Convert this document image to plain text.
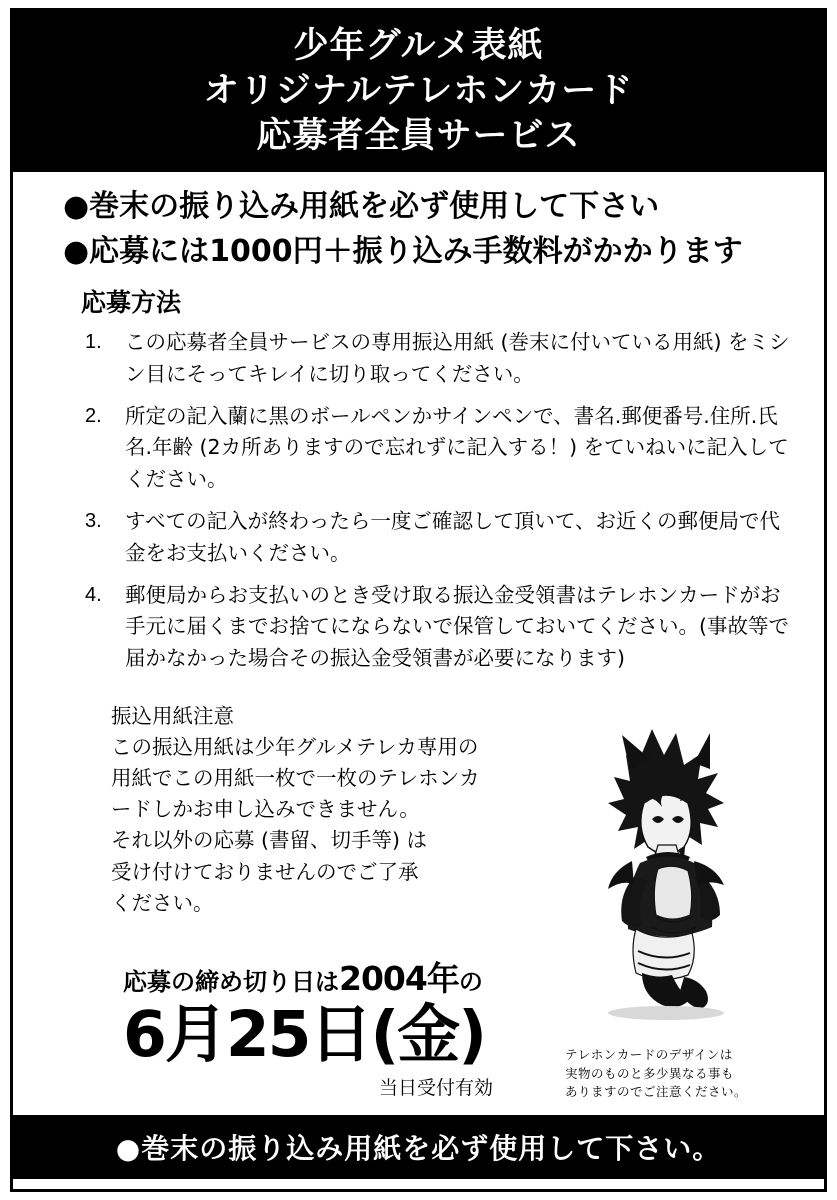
少年グルメ表紙
オリジナルテレホンカード
応募者全員サービス
●巻末の振り込み用紙を必ず使用して下さい
●応募には1000円＋振り込み手数料がかかります
応募方法
1. この応募者全員サービスの専用振込用紙 (巻末に付いている用紙) をミシン目にそってキレイに切り取ってください。
2. 所定の記入蘭に黒のボールペンかサインペンで、書名.郵便番号.住所.氏名.年齢 (2カ所ありますので忘れずに記入する！) をていねいに記入してください。
3. すべての記入が終わったら一度ご確認して頂いて、お近くの郵便局で代金をお支払いください。
4. 郵便局からお支払いのとき受け取る振込金受領書はテレホンカードがお手元に届くまでお捨てにならないで保管しておいてください。(事故等で届かなかった場合その振込金受領書が必要になります)
振込用紙注意
この振込用紙は少年グルメテレカ専用の
用紙でこの用紙一枚で一枚のテレホンカ
ードしかお申し込みできません。
それ以外の応募 (書留、切手等) は
受け付けておりませんのでご了承
ください。
応募の締め切り日は2004年の
6月25日(金)
当日受付有効
テレホンカードのデザインは
実物のものと多少異なる事も
ありますのでご注意ください。
●巻末の振り込み用紙を必ず使用して下さい。
